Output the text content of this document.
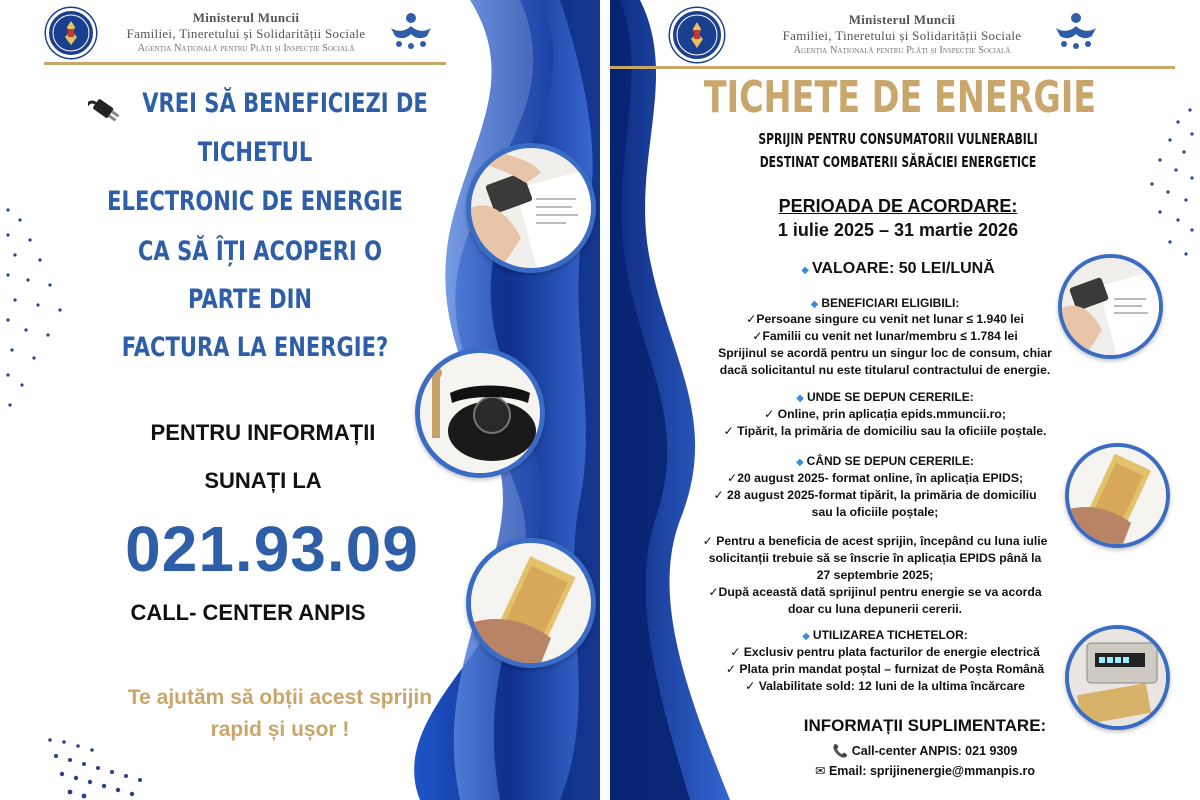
Ministerul Muncii
Familiei, Tineretului și Solidarității Sociale
Agenția Națională pentru Plăți și Inspecție Socială
VREI SĂ BENEFICIEZI DE
TICHETUL
ELECTRONIC DE ENERGIE
CA SĂ ÎȚI ACOPERI O
PARTE DIN
FACTURA LA ENERGIE?
PENTRU INFORMAȚII
SUNAȚI LA
021.93.09
CALL- CENTER ANPIS
Te ajutăm să obții acest sprijin
rapid și ușor !
Ministerul Muncii
Familiei, Tineretului și Solidarității Sociale
Agenția Națională pentru Plăți și Inspecție Socială
TICHETE DE ENERGIE
SPRIJIN PENTRU CONSUMATORII VULNERABILI
DESTINAT COMBATERII SĂRĂCIEI ENERGETICE
PERIOADA DE ACORDARE:
1 iulie 2025 – 31 martie 2026
◆ VALOARE: 50 LEI/LUNĂ
◆ BENEFICIARI ELIGIBILI:
✓Persoane singure cu venit net lunar ≤ 1.940 lei
✓Familii cu venit net lunar/membru ≤ 1.784 lei
Sprijinul se acordă pentru un singur loc de consum, chiar
dacă solicitantul nu este titularul contractului de energie.
◆ UNDE SE DEPUN CERERILE:
✓ Online, prin aplicația epids.mmuncii.ro;
✓ Tipărit, la primăria de domiciliu sau la oficiile poștale.
◆ CÂND SE DEPUN CERERILE:
✓20 august 2025- format online, în aplicația EPIDS;
✓ 28 august 2025-format tipărit, la primăria de domiciliu
sau la oficiile poștale;
✓ Pentru a beneficia de acest sprijin, începând cu luna iulie
solicitanții trebuie să se înscrie în aplicația EPIDS până la
27 septembrie 2025;
✓După această dată sprijinul pentru energie se va acorda
doar cu luna depunerii cererii.
◆ UTILIZAREA TICHETELOR:
✓ Exclusiv pentru plata facturilor de energie electrică
✓ Plata prin mandat poștal – furnizat de Poșta Română
✓ Valabilitate sold: 12 luni de la ultima încărcare
INFORMAȚII SUPLIMENTARE:
📞 Call-center ANPIS: 021 9309
✉ Email: sprijinenergie@mmanpis.ro
